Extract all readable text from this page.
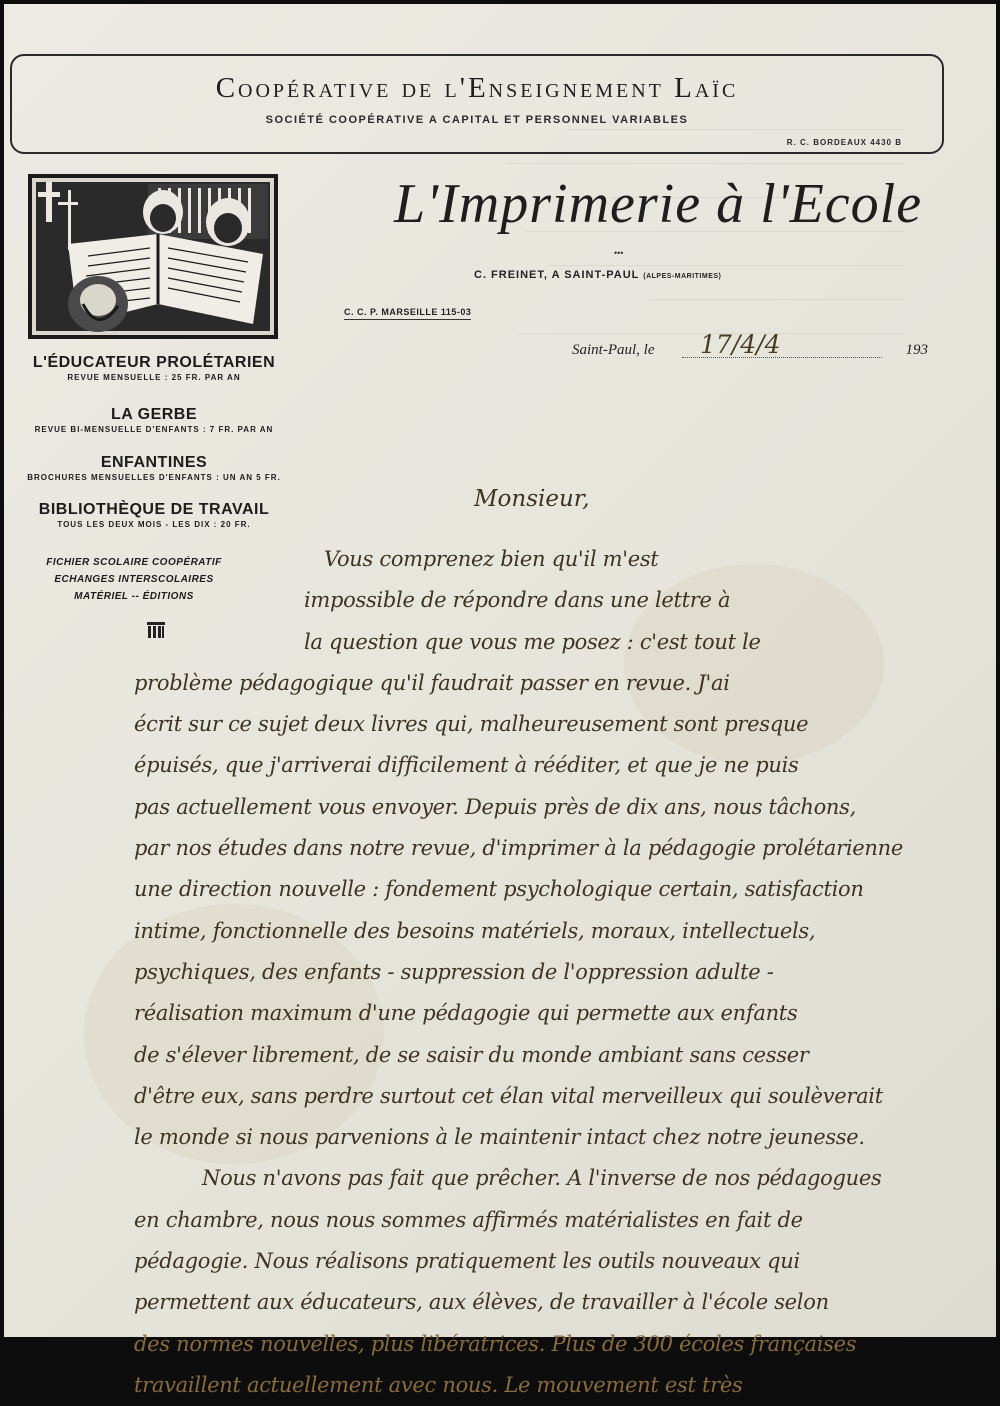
Coopérative de l'Enseignement Laïc
SOCIÉTÉ COOPÉRATIVE A CAPITAL ET PERSONNEL VARIABLES
R. C. BORDEAUX 4430 B
L'ÉDUCATEUR PROLÉTARIEN
REVUE MENSUELLE : 25 FR. PAR AN
LA GERBE
REVUE BI-MENSUELLE D'ENFANTS : 7 FR. PAR AN
ENFANTINES
BROCHURES MENSUELLES D'ENFANTS : UN AN 5 FR.
BIBLIOTHÈQUE DE TRAVAIL
TOUS LES DEUX MOIS - LES DIX : 20 FR.
FICHIER SCOLAIRE COOPÉRATIF
ECHANGES INTERSCOLAIRES
MATÉRIEL -- ÉDITIONS
L'Imprimerie à l'Ecole
•••
C. FREINET, A SAINT-PAUL (ALPES-MARITIMES)
C. C. P. MARSEILLE 115-03
Saint-Paul, le 17/4/4	193
Monsieur,
Vous comprenez bien qu'il m'est
impossible de répondre dans une lettre à
la question que vous me posez : c'est tout le
problème pédagogique qu'il faudrait passer en revue. J'ai
écrit sur ce sujet deux livres qui, malheureusement sont presque
épuisés, que j'arriverai difficilement à rééditer, et que je ne puis
pas actuellement vous envoyer. Depuis près de dix ans, nous tâchons,
par nos études dans notre revue, d'imprimer à la pédagogie prolétarienne
une direction nouvelle : fondement psychologique certain, satisfaction
intime, fonctionnelle des besoins matériels, moraux, intellectuels,
psychiques, des enfants - suppression de l'oppression adulte -
réalisation maximum d'une pédagogie qui permette aux enfants
de s'élever librement, de se saisir du monde ambiant sans cesser
d'être eux, sans perdre surtout cet élan vital merveilleux qui soulèverait
le monde si nous parvenions à le maintenir intact chez notre jeunesse.
Nous n'avons pas fait que prêcher. A l'inverse de nos pédagogues
en chambre, nous nous sommes affirmés matérialistes en fait de
pédagogie. Nous réalisons pratiquement les outils nouveaux qui
permettent aux éducateurs, aux élèves, de travailler à l'école selon
des normes nouvelles, plus libératrices. Plus de 300 écoles françaises
travaillent actuellement avec nous. Le mouvement est très
